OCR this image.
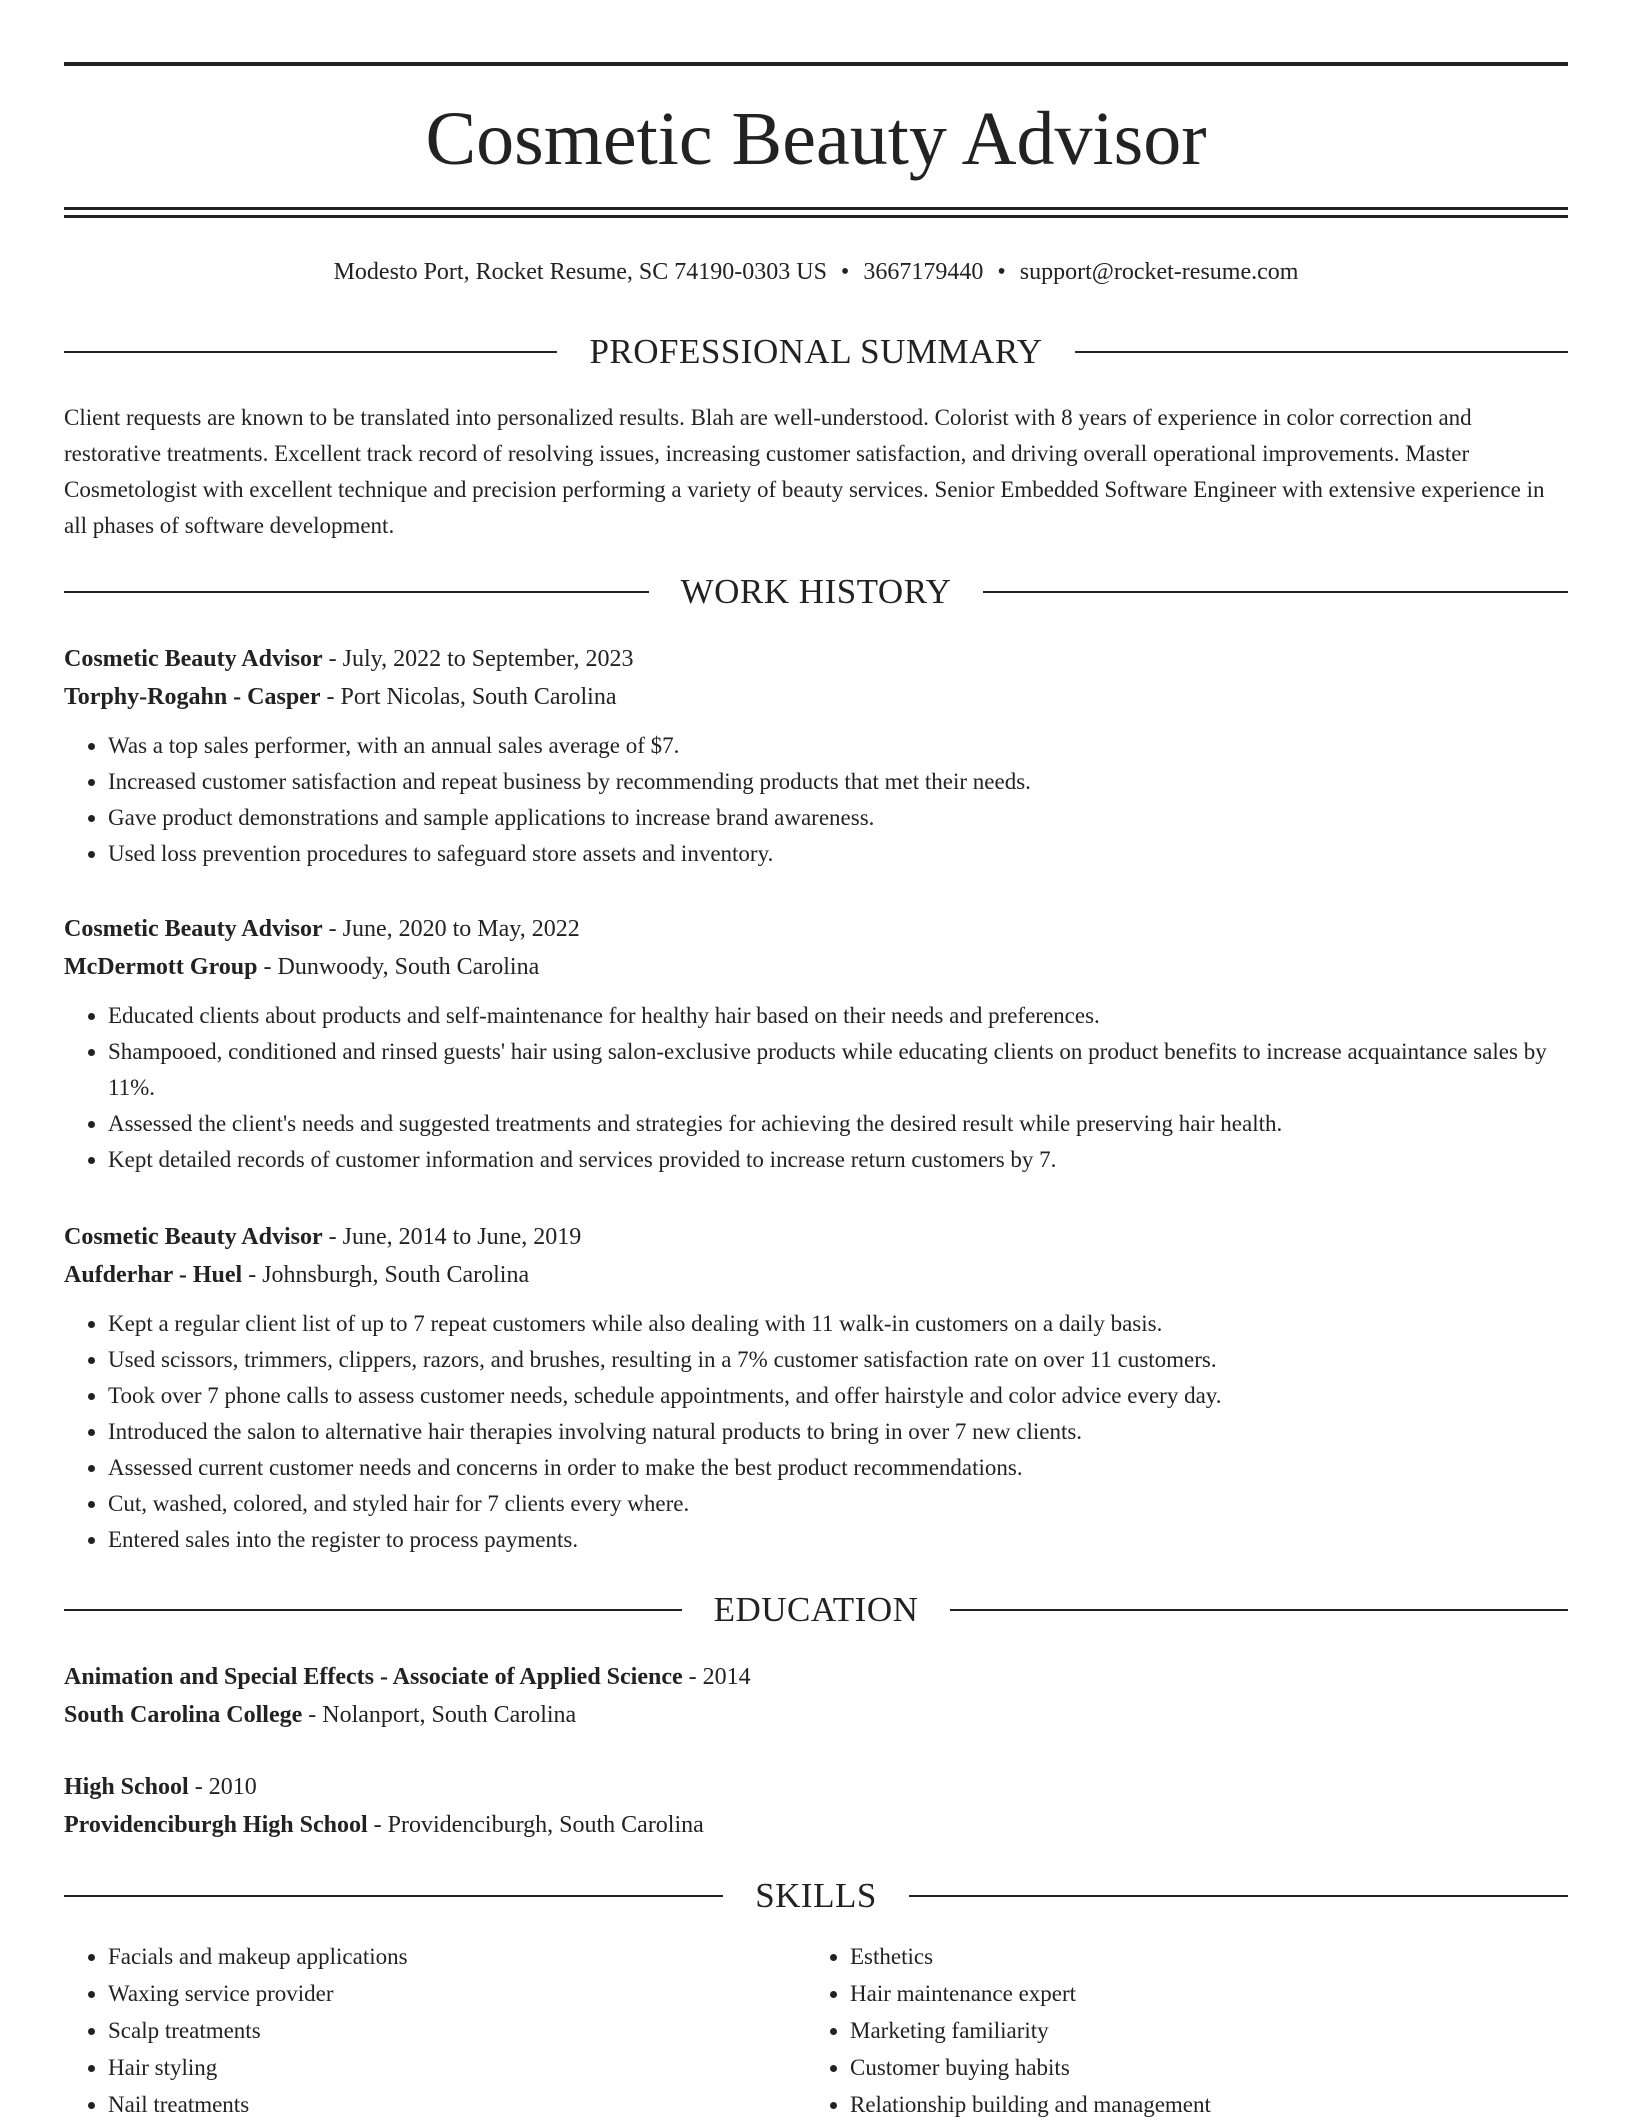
Cosmetic Beauty Advisor
Modesto Port, Rocket Resume, SC 74190-0303 US • 3667179440 • support@rocket-resume.com
PROFESSIONAL SUMMARY
Client requests are known to be translated into personalized results. Blah are well-understood. Colorist with 8 years of experience in color correction and restorative treatments. Excellent track record of resolving issues, increasing customer satisfaction, and driving overall operational improvements. Master Cosmetologist with excellent technique and precision performing a variety of beauty services. Senior Embedded Software Engineer with extensive experience in all phases of software development.
WORK HISTORY
Cosmetic Beauty Advisor - July, 2022 to September, 2023
Torphy-Rogahn - Casper - Port Nicolas, South Carolina
• Was a top sales performer, with an annual sales average of $7.
• Increased customer satisfaction and repeat business by recommending products that met their needs.
• Gave product demonstrations and sample applications to increase brand awareness.
• Used loss prevention procedures to safeguard store assets and inventory.
Cosmetic Beauty Advisor - June, 2020 to May, 2022
McDermott Group - Dunwoody, South Carolina
• Educated clients about products and self-maintenance for healthy hair based on their needs and preferences.
• Shampooed, conditioned and rinsed guests' hair using salon-exclusive products while educating clients on product benefits to increase acquaintance sales by 11%.
• Assessed the client's needs and suggested treatments and strategies for achieving the desired result while preserving hair health.
• Kept detailed records of customer information and services provided to increase return customers by 7.
Cosmetic Beauty Advisor - June, 2014 to June, 2019
Aufderhar - Huel - Johnsburgh, South Carolina
• Kept a regular client list of up to 7 repeat customers while also dealing with 11 walk-in customers on a daily basis.
• Used scissors, trimmers, clippers, razors, and brushes, resulting in a 7% customer satisfaction rate on over 11 customers.
• Took over 7 phone calls to assess customer needs, schedule appointments, and offer hairstyle and color advice every day.
• Introduced the salon to alternative hair therapies involving natural products to bring in over 7 new clients.
• Assessed current customer needs and concerns in order to make the best product recommendations.
• Cut, washed, colored, and styled hair for 7 clients every where.
• Entered sales into the register to process payments.
EDUCATION
Animation and Special Effects - Associate of Applied Science - 2014
South Carolina College - Nolanport, South Carolina
High School - 2010
Providenciburgh High School - Providenciburgh, South Carolina
SKILLS
• Facials and makeup applications
• Waxing service provider
• Scalp treatments
• Hair styling
• Nail treatments
• Esthetics
• Hair maintenance expert
• Marketing familiarity
• Customer buying habits
• Relationship building and management
